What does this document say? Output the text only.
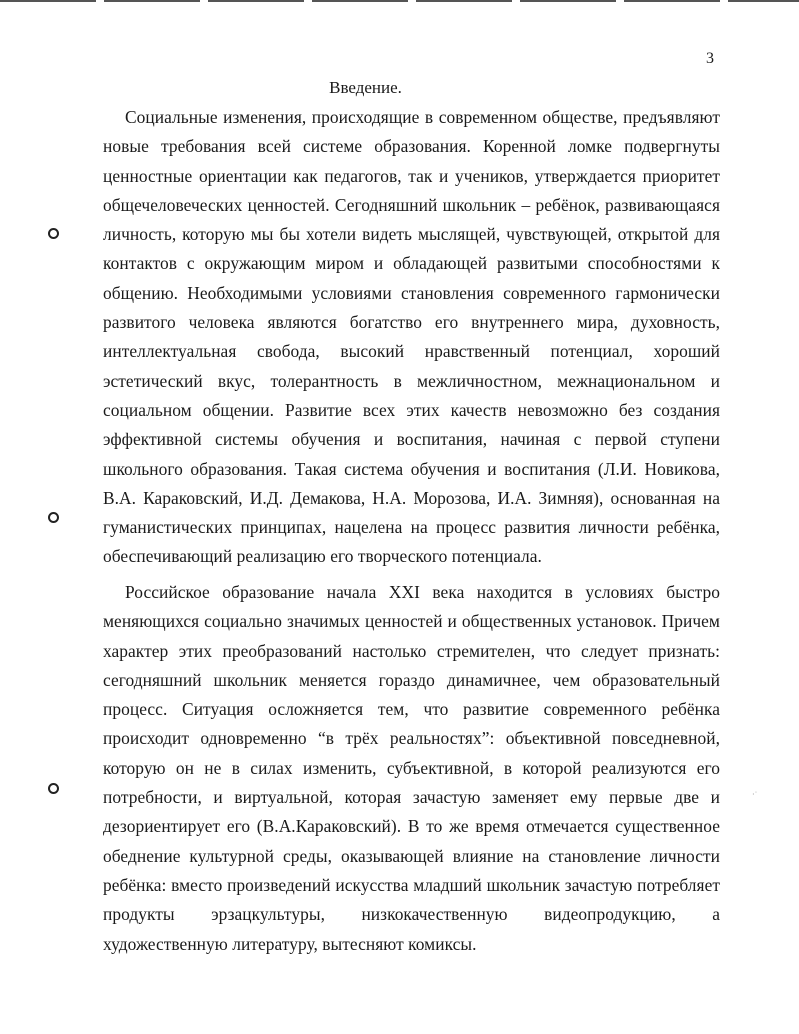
3
Введение.

Социальные изменения, происходящие в современном обществе, предъявляют новые требования всей системе образования. Коренной ломке подвергнуты ценностные ориентации как педагогов, так и учеников, утверждается приоритет общечеловеческих ценностей. Сегодняшний школьник – ребёнок, развивающаяся личность, которую мы бы хотели видеть мыслящей, чувствующей, открытой для контактов с окружающим миром и обладающей развитыми способностями к общению. Необходимыми условиями становления современного гармонически развитого человека являются богатство его внутреннего мира, духовность, интеллектуальная свобода, высокий нравственный потенциал, хороший эстетический вкус, толерантность в межличностном, межнациональном и социальном общении. Развитие всех этих качеств невозможно без создания эффективной системы обучения и воспитания, начиная с первой ступени школьного образования. Такая система обучения и воспитания (Л.И. Новикова, В.А. Караковский, И.Д. Демакова, Н.А. Морозова, И.А. Зимняя), основанная на гуманистических принципах, нацелена на процесс развития личности ребёнка, обеспечивающий реализацию его творческого потенциала.

Российское образование начала XXI века находится в условиях быстро меняющихся социально значимых ценностей и общественных установок. Причем характер этих преобразований настолько стремителен, что следует признать: сегодняшний школьник меняется гораздо динамичнее, чем образовательный процесс. Ситуация осложняется тем, что развитие современного ребёнка происходит одновременно “в трёх реальностях”: объективной повседневной, которую он не в силах изменить, субъективной, в которой реализуются его потребности, и виртуальной, которая зачастую заменяет ему первые две и дезориентирует его (В.А.Караковский). В то же время отмечается существенное обеднение культурной среды, оказывающей влияние на становление личности ребёнка: вместо произведений искусства младший школьник зачастую потребляет продукты эрзацкультуры, низкокачественную видеопродукцию, а художественную литературу, вытесняют комиксы.

·˙
